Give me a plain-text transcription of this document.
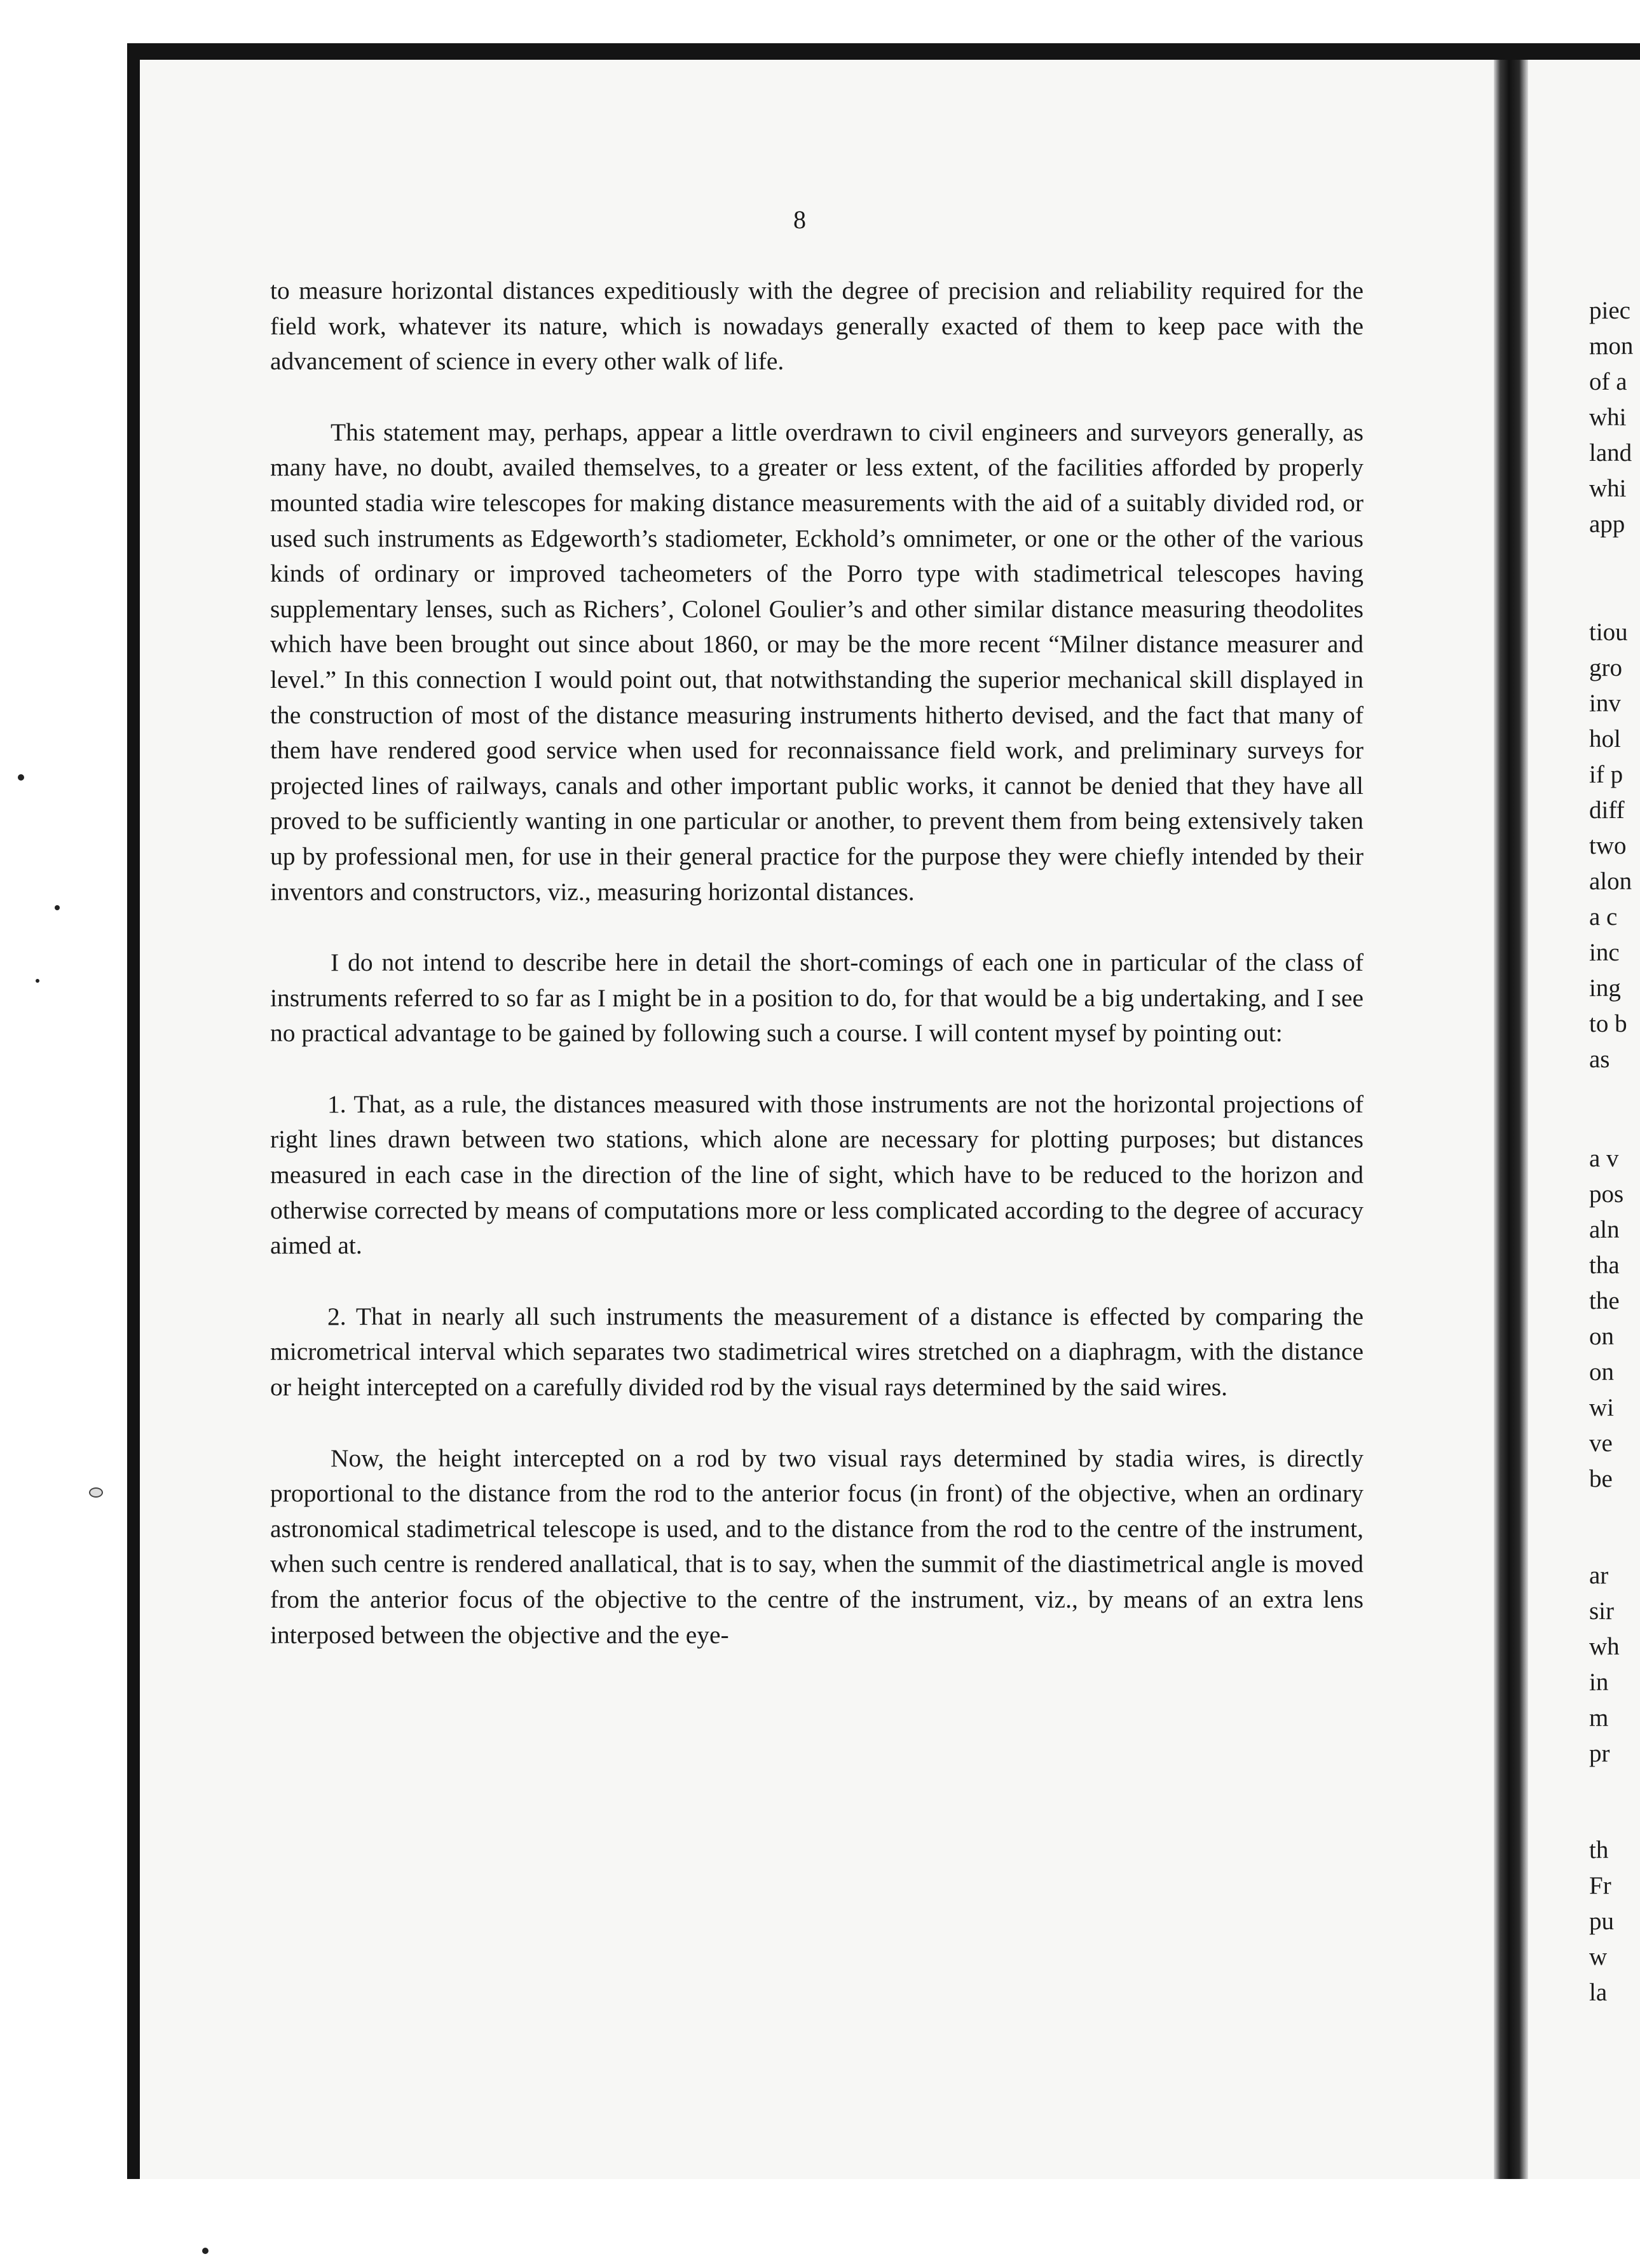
8

to measure horizontal distances expeditiously with the degree of precision and reliability required for the field work, whatever its nature, which is nowadays generally exacted of them to keep pace with the advancement of science in every other walk of life.

This statement may, perhaps, appear a little overdrawn to civil engineers and surveyors generally, as many have, no doubt, availed themselves, to a greater or less extent, of the facilities afforded by properly mounted stadia wire telescopes for making distance measurements with the aid of a suitably divided rod, or used such instruments as Edgeworth’s stadiometer, Eckhold’s omnimeter, or one or the other of the various kinds of ordinary or improved tacheometers of the Porro type with stadimetrical telescopes having supplementary lenses, such as Richers’, Colonel Goulier’s and other similar distance measuring theodolites which have been brought out since about 1860, or may be the more recent “Milner distance measurer and level.” In this connection I would point out, that notwithstanding the superior mechanical skill displayed in the construction of most of the distance measuring instruments hitherto devised, and the fact that many of them have rendered good service when used for reconnaissance field work, and preliminary surveys for projected lines of railways, canals and other important public works, it cannot be denied that they have all proved to be sufficiently wanting in one particular or another, to prevent them from being extensively taken up by professional men, for use in their general practice for the purpose they were chiefly intended by their inventors and constructors, viz., measuring horizontal distances.

I do not intend to describe here in detail the short-comings of each one in particular of the class of instruments referred to so far as I might be in a position to do, for that would be a big undertaking, and I see no practical advantage to be gained by following such a course. I will content mysef by pointing out:

1. That, as a rule, the distances measured with those instruments are not the horizontal projections of right lines drawn between two stations, which alone are necessary for plotting purposes; but distances measured in each case in the direction of the line of sight, which have to be reduced to the horizon and otherwise corrected by means of computations more or less complicated according to the degree of accuracy aimed at.

2. That in nearly all such instruments the measurement of a distance is effected by comparing the micrometrical interval which separates two stadimetrical wires stretched on a diaphragm, with the distance or height intercepted on a carefully divided rod by the visual rays determined by the said wires.

Now, the height intercepted on a rod by two visual rays determined by stadia wires, is directly proportional to the distance from the rod to the anterior focus (in front) of the objective, when an ordinary astronomical stadimetrical telescope is used, and to the distance from the rod to the centre of the instrument, when such centre is rendered anallatical, that is to say, when the summit of the diastimetrical angle is moved from the anterior focus of the objective to the centre of the instrument, viz., by means of an extra lens interposed between the objective and the eye-

piec
mon
of a
whi
land
whi
app
tiou
gro
inv
hol
if p
diff
two
alon
a c
inc
ing
to b
as
a v
pos
aln
tha
the
on
on
wi
ve
be
ar
sir
wh
in
m
pr
th
Fr
pu
w
la
